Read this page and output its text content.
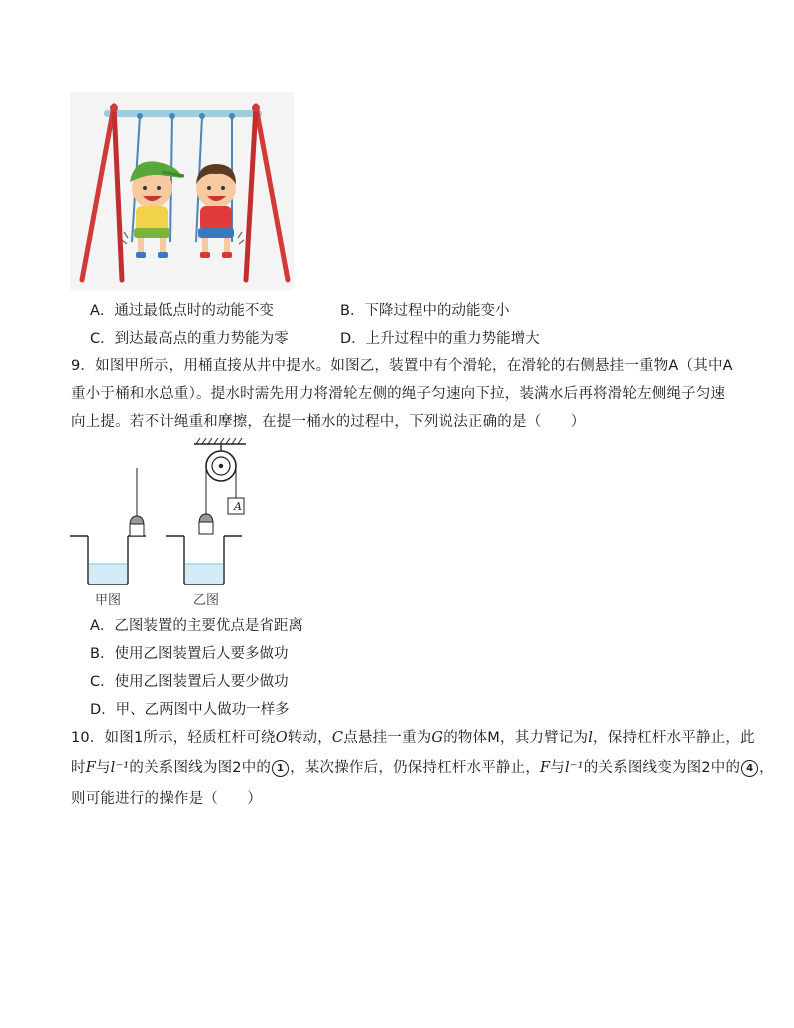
A．通过最低点时的动能不变	B．下降过程中的动能变小
C．到达最高点的重力势能为零	D．上升过程中的重力势能增大
9．如图甲所示，用桶直接从井中提水。如图乙，装置中有个滑轮，在滑轮的右侧悬挂一重物A（其中A
重小于桶和水总重）。提水时需先用力将滑轮左侧的绳子匀速向下拉，装满水后再将滑轮左侧绳子匀速
向上提。若不计绳重和摩擦，在提一桶水的过程中，下列说法正确的是（　　）
A
甲图	乙图
A．乙图装置的主要优点是省距离
B．使用乙图装置后人要多做功
C．使用乙图装置后人要少做功
D．甲、乙两图中人做功一样多
10．如图1所示，轻质杠杆可绕O转动，C点悬挂一重为G的物体M，其力臂记为l，保持杠杆水平静止，此
时F与l⁻¹的关系图线为图2中的 1 ，某次操作后，仍保持杠杆水平静止，F与l⁻¹的关系图线变为图2中的 4 ，
则可能进行的操作是（　　）
